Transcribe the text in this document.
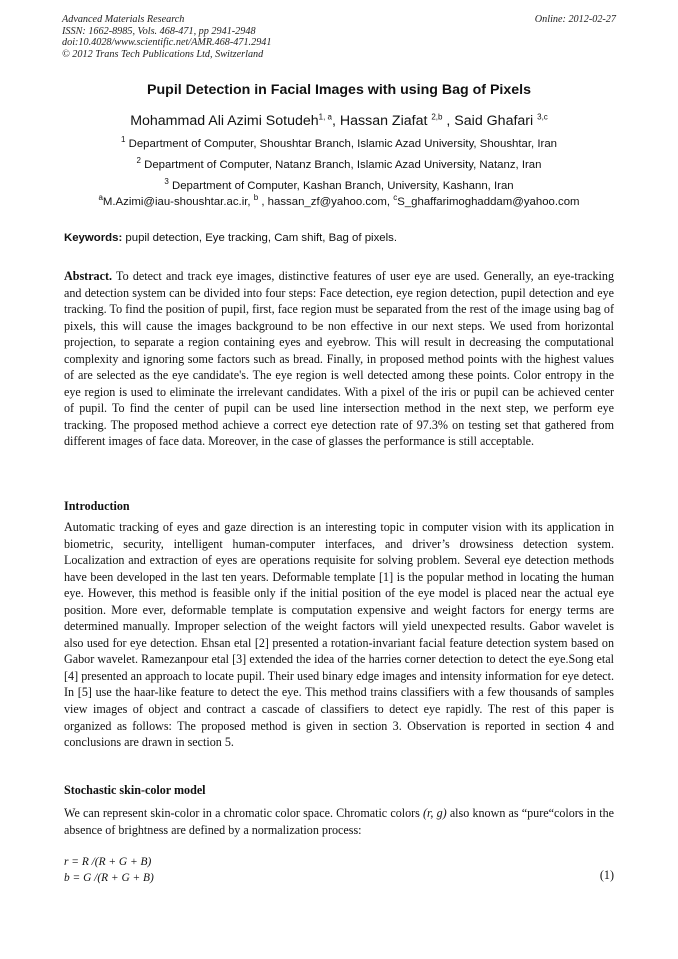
Advanced Materials Research
ISSN: 1662-8985, Vols. 468-471, pp 2941-2948
doi:10.4028/www.scientific.net/AMR.468-471.2941
© 2012 Trans Tech Publications Ltd, Switzerland
Online: 2012-02-27
Pupil Detection in Facial Images with using Bag of Pixels
Mohammad Ali Azimi Sotudeh$^{1, a}$, Hassan Ziafat $^{2,b}$ , Said Ghafari $^{3,c}$
$^1$ Department of Computer, Shoushtar Branch, Islamic Azad University, Shoushtar, Iran
$^2$ Department of Computer, Natanz Branch, Islamic Azad University, Natanz, Iran
$^3$ Department of Computer, Kashan Branch, University, Kashann, Iran
$^a$M.Azimi@iau-shoushtar.ac.ir, $^b$ , hassan_zf@yahoo.com, $^c$S_ghaffarimoghaddam@yahoo.com
Keywords: pupil detection, Eye tracking, Cam shift, Bag of pixels.
Abstract. To detect and track eye images, distinctive features of user eye are used. Generally, an eye-tracking and detection system can be divided into four steps: Face detection, eye region detection, pupil detection and eye tracking. To find the position of pupil, first, face region must be separated from the rest of the image using bag of pixels, this will cause the images background to be non effective in our next steps. We used from horizontal projection, to separate a region containing eyes and eyebrow. This will result in decreasing the computational complexity and ignoring some factors such as bread. Finally, in proposed method points with the highest values of are selected as the eye candidate's. The eye region is well detected among these points. Color entropy in the eye region is used to eliminate the irrelevant candidates. With a pixel of the iris or pupil can be achieved center of pupil. To find the center of pupil can be used line intersection method in the next step, we perform eye tracking. The proposed method achieve a correct eye detection rate of 97.3% on testing set that gathered from different images of face data. Moreover, in the case of glasses the performance is still acceptable.
Introduction
Automatic tracking of eyes and gaze direction is an interesting topic in computer vision with its application in biometric, security, intelligent human-computer interfaces, and driver’s drowsiness detection system. Localization and extraction of eyes are operations requisite for solving problem. Several eye detection methods have been developed in the last ten years. Deformable template [1] is the popular method in locating the human eye. However, this method is feasible only if the initial position of the eye model is placed near the actual eye position. More ever, deformable template is computation expensive and weight factors for energy terms are determined manually. Improper selection of the weight factors will yield unexpected results. Gabor wavelet is also used for eye detection. Ehsan etal [2] presented a rotation-invariant facial feature detection system based on Gabor wavelet. Ramezanpour etal [3] extended the idea of the harries corner detection to detect the eye.Song etal [4] presented an approach to locate pupil. Their used binary edge images and intensity information for eye detect. In [5] use the haar-like feature to detect the eye. This method trains classifiers with a few thousands of samples view images of object and contract a cascade of classifiers to detect eye rapidly. The rest of this paper is organized as follows: The proposed method is given in section 3. Observation is reported in section 4 and conclusions are drawn in section 5.
Stochastic skin-color model
We can represent skin-color in a chromatic color space. Chromatic colors (r, g) also known as “pure“colors in the absence of brightness are defined by a normalization process:
r = R /(R + G + B)
b = G /(R + G + B)	(1)
